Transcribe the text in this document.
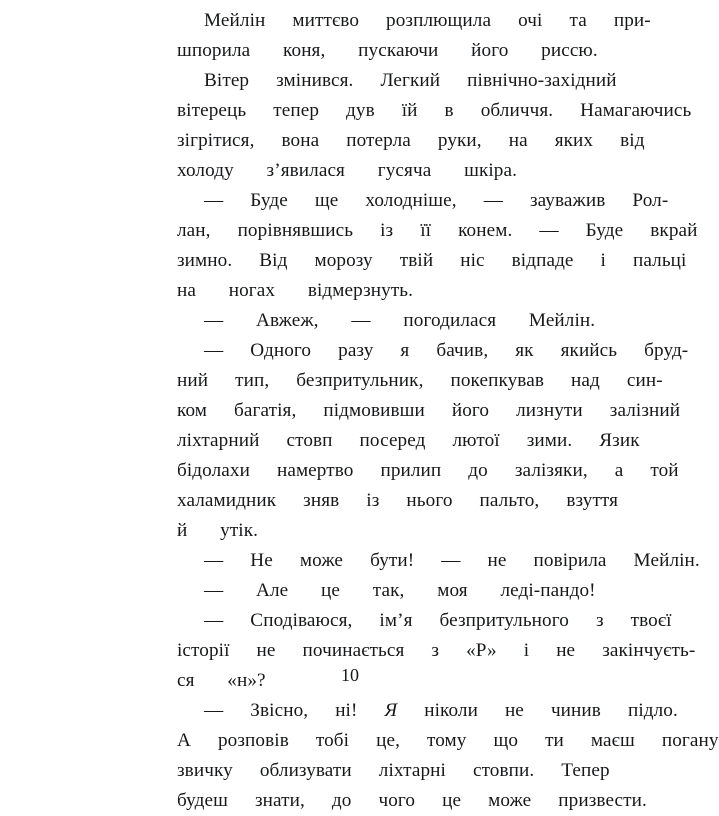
Мейлін	миттєво	розплющила	очі	та	при-
шпорила	коня,	пускаючи	його	риссю.
Вітер	змінився.	Легкий	північно-західний
вітерець	тепер	дув	їй	в	обличчя.	Намагаючись
зігрітися,	вона	потерла	руки,	на	яких	від
холоду	з’явилася	гусяча	шкіра.
—	Буде	ще	холодніше,	—	зауважив	Рол-
лан,	порівнявшись	із	її	конем.	—	Буде	вкрай
зимно.	Від	морозу	твій	ніс	відпаде	і	пальці
на	ногах	відмерзнуть.
—	Авжеж,	—	погодилася	Мейлін.
—	Одного	разу	я	бачив,	як	якийсь	бруд-
ний	тип,	безпритульник,	покепкував	над	син-
ком	багатія,	підмовивши	його	лизнути	залізний
ліхтарний	стовп	посеред	лютої	зими.	Язик
бідолахи	намертво	прилип	до	залізяки,	а	той
халамидник	зняв	із	нього	пальто,	взуття
й	утік.
—	Не	може	бути!	—	не	повірила	Мейлін.
—	Але	це	так,	моя	леді-пандо!
—	Сподіваюся,	ім’я	безпритульного	з	твоєї
історії	не	починається	з	«Р»	і	не	закінчуєть-
ся	«н»?
—	Звісно,	ні!	Я	ніколи	не	чинив	підло.
А	розповів	тобі	це,	тому	що	ти	маєш	погану
звичку	облизувати	ліхтарні	стовпи.	Тепер
будеш	знати,	до	чого	це	може	призвести.
10
